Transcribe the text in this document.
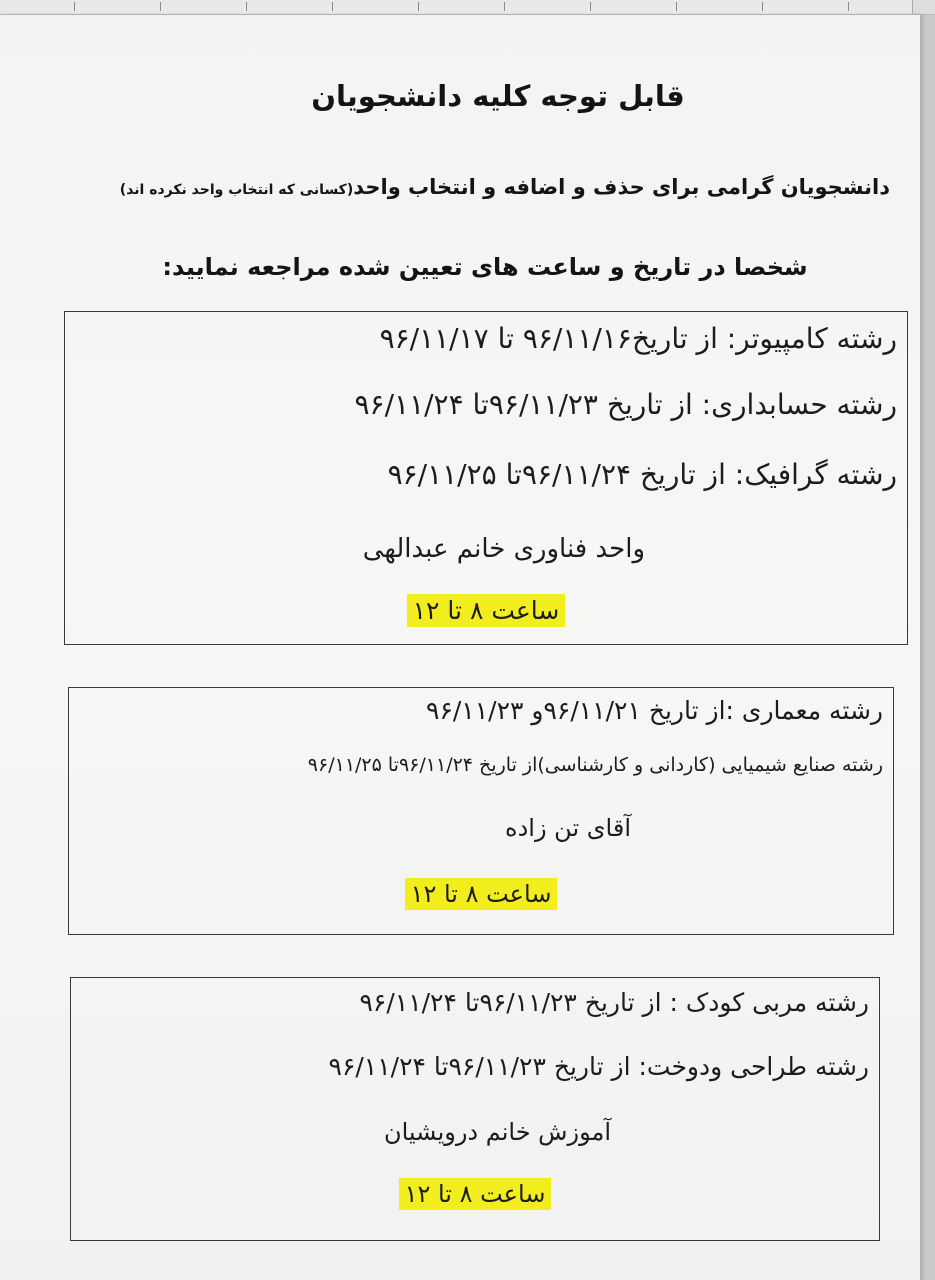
قابل توجه کلیه دانشجویان
دانشجویان گرامی برای حذف و اضافه و انتخاب واحد(کسانی که انتخاب واحد نکرده اند)
شخصا در تاریخ و ساعت های تعیین شده مراجعه نمایید:
رشته کامپیوتر: از تاریخ۹۶/۱۱/۱۶ تا ۹۶/۱۱/۱۷
رشته حسابداری: از تاریخ ۹۶/۱۱/۲۳تا ۹۶/۱۱/۲۴
رشته گرافیک: از تاریخ ۹۶/۱۱/۲۴تا ۹۶/۱۱/۲۵
واحد فناوری خانم عبدالهی
ساعت ۸ تا ۱۲
رشته معماری :از تاریخ ۹۶/۱۱/۲۱و ۹۶/۱۱/۲۳
رشته صنایع شیمیایی (کاردانی و کارشناسی)از تاریخ ۹۶/۱۱/۲۴تا ۹۶/۱۱/۲۵
آقای تن زاده
ساعت ۸ تا ۱۲
رشته مربی کودک : از تاریخ ۹۶/۱۱/۲۳تا ۹۶/۱۱/۲۴
رشته طراحی ودوخت: از تاریخ ۹۶/۱۱/۲۳تا ۹۶/۱۱/۲۴
آموزش خانم درویشیان
ساعت ۸ تا ۱۲
